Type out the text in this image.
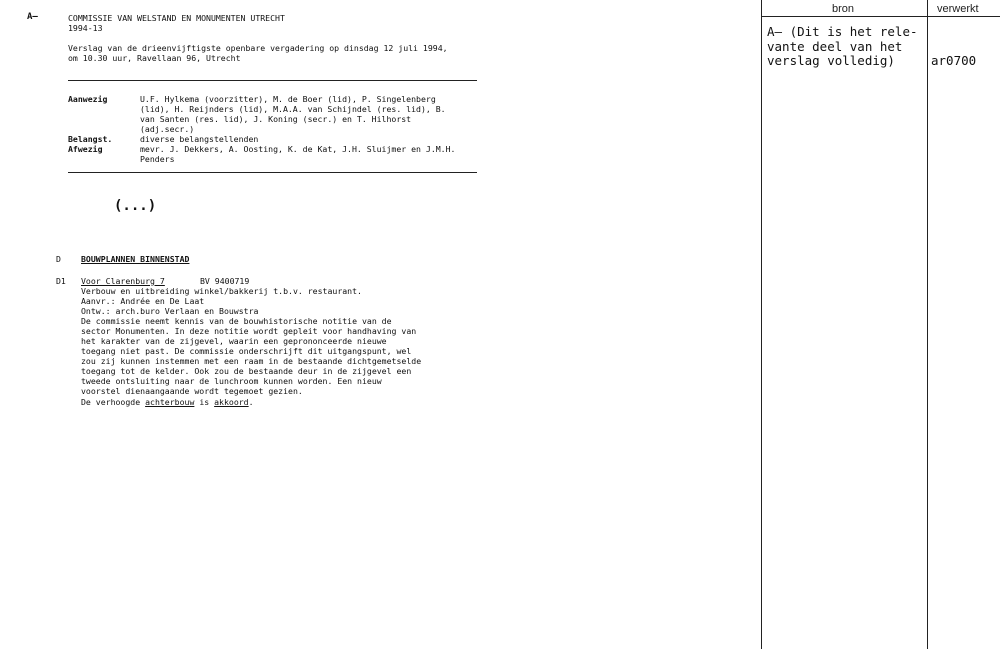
A—	COMMISSIE VAN WELSTAND EN MONUMENTEN UTRECHT
1994-13
Verslag van de drieenvijftigste openbare vergadering op dinsdag 12 juli 1994,
om 10.30 uur, Ravellaan 96, Utrecht
Aanwezig	U.F. Hylkema (voorzitter), M. de Boer (lid), P. Singelenberg
(lid), H. Reijnders (lid), M.A.A. van Schijndel (res. lid), B.
van Santen (res. lid), J. Koning (secr.) en T. Hilhorst
(adj.secr.)
Belangst.	diverse belangstellenden
Afwezig	mevr. J. Dekkers, A. Oosting, K. de Kat, J.H. Sluijmer en J.M.H.
Penders
(...)
D BOUWPLANNEN BINNENSTAD
D1 Voor Clarenburg 7	BV 9400719
Verbouw en uitbreiding winkel/bakkerij t.b.v. restaurant.
Aanvr.: Andrée en De Laat
Ontw.: arch.buro Verlaan en Bouwstra
De commissie neemt kennis van de bouwhistorische notitie van de
sector Monumenten. In deze notitie wordt gepleit voor handhaving van
het karakter van de zijgevel, waarin een geprononceerde nieuwe
toegang niet past. De commissie onderschrijft dit uitgangspunt, wel
zou zij kunnen instemmen met een raam in de bestaande dichtgemetselde
toegang tot de kelder. Ook zou de bestaande deur in de zijgevel een
tweede ontsluiting naar de lunchroom kunnen worden. Een nieuw
voorstel dienaangaande wordt tegemoet gezien.
De verhoogde achterbouw is akkoord.
bron	verwerkt
A— (Dit is het rele-
vante deel van het
verslag volledig)	ar0700
